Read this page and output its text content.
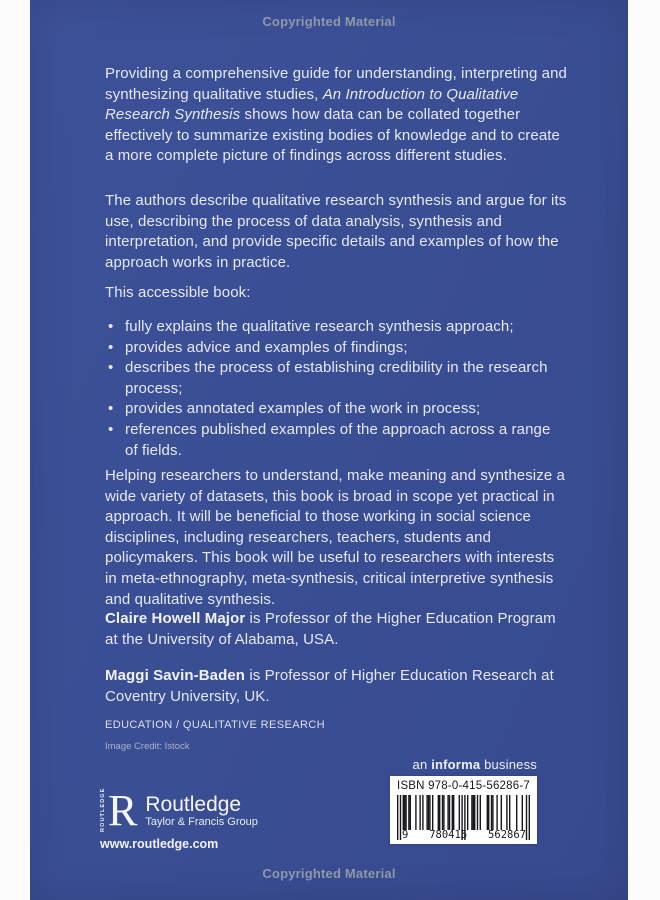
Copyrighted Material

Providing a comprehensive guide for understanding, interpreting and synthesizing qualitative studies, An Introduction to Qualitative Research Synthesis shows how data can be collated together effectively to summarize existing bodies of knowledge and to create a more complete picture of findings across different studies.

The authors describe qualitative research synthesis and argue for its use, describing the process of data analysis, synthesis and interpretation, and provide specific details and examples of how the approach works in practice.

This accessible book:

• fully explains the qualitative research synthesis approach;
• provides advice and examples of findings;
• describes the process of establishing credibility in the research process;
• provides annotated examples of the work in process;
• references published examples of the approach across a range of fields.

Helping researchers to understand, make meaning and synthesize a wide variety of datasets, this book is broad in scope yet practical in approach. It will be beneficial to those working in social science disciplines, including researchers, teachers, students and policymakers. This book will be useful to researchers with interests in meta-ethnography, meta-synthesis, critical interpretive synthesis and qualitative synthesis.

Claire Howell Major is Professor of the Higher Education Program at the University of Alabama, USA.

Maggi Savin-Baden is Professor of Higher Education Research at Coventry University, UK.

EDUCATION / QUALITATIVE RESEARCH
Image Credit: Istock
an informa business
ISBN 978-0-415-56286-7
9 780415 562867
ROUTLEDGE R Routledge
Taylor & Francis Group
www.routledge.com
Copyrighted Material
